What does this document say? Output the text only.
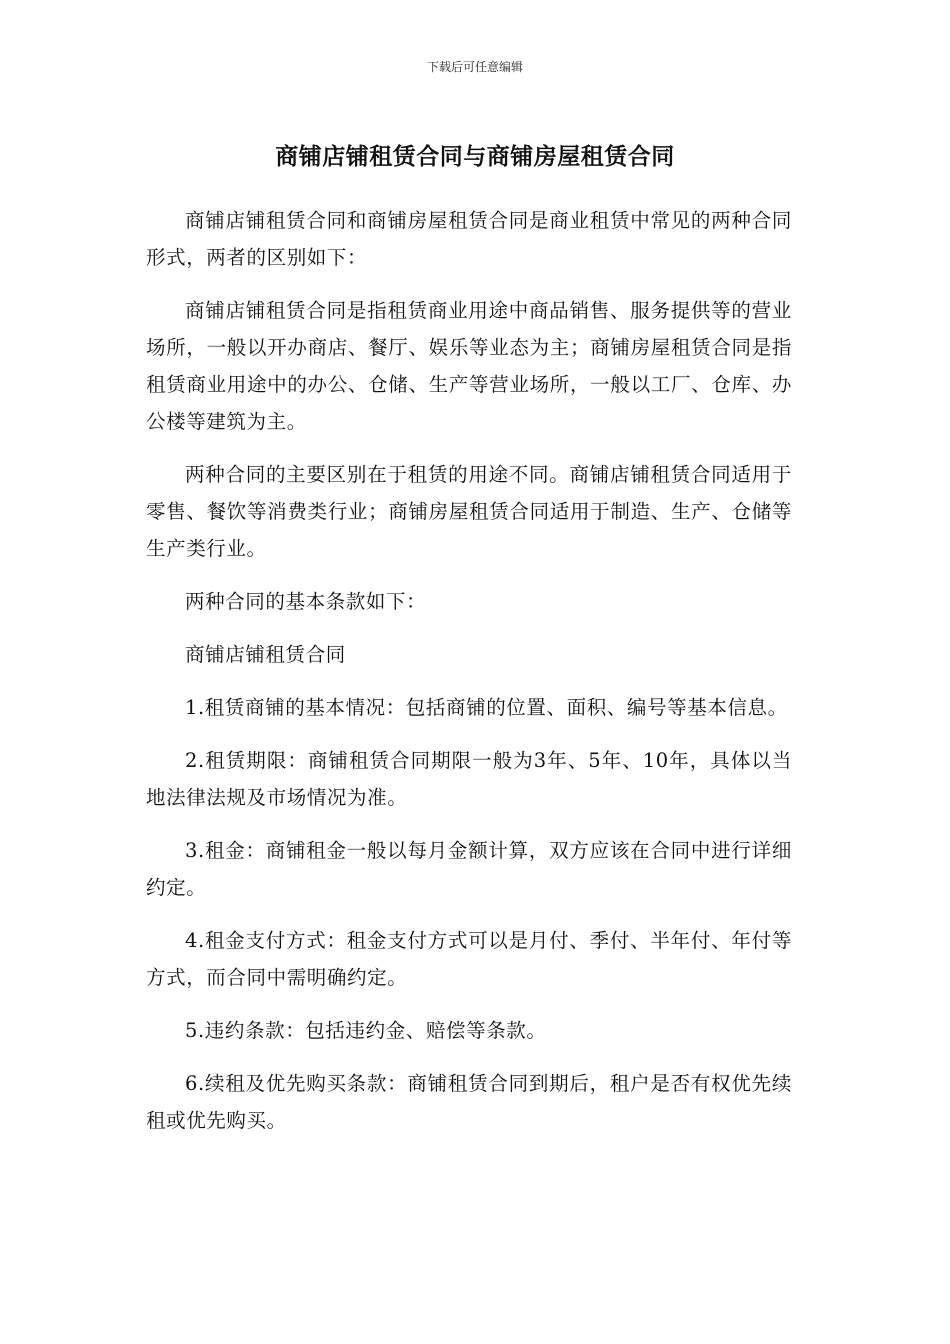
下载后可任意编辑
商铺店铺租赁合同与商铺房屋租赁合同

商铺店铺租赁合同和商铺房屋租赁合同是商业租赁中常见的两种合同形式，两者的区别如下：

商铺店铺租赁合同是指租赁商业用途中商品销售、服务提供等的营业场所，一般以开办商店、餐厅、娱乐等业态为主；商铺房屋租赁合同是指租赁商业用途中的办公、仓储、生产等营业场所，一般以工厂、仓库、办公楼等建筑为主。

两种合同的主要区别在于租赁的用途不同。商铺店铺租赁合同适用于零售、餐饮等消费类行业；商铺房屋租赁合同适用于制造、生产、仓储等生产类行业。

两种合同的基本条款如下：

商铺店铺租赁合同

1.租赁商铺的基本情况：包括商铺的位置、面积、编号等基本信息。

2.租赁期限：商铺租赁合同期限一般为3年、5年、10年，具体以当地法律法规及市场情况为准。

3.租金：商铺租金一般以每月金额计算，双方应该在合同中进行详细约定。

4.租金支付方式：租金支付方式可以是月付、季付、半年付、年付等方式，而合同中需明确约定。

5.违约条款：包括违约金、赔偿等条款。

6.续租及优先购买条款：商铺租赁合同到期后，租户是否有权优先续租或优先购买。
